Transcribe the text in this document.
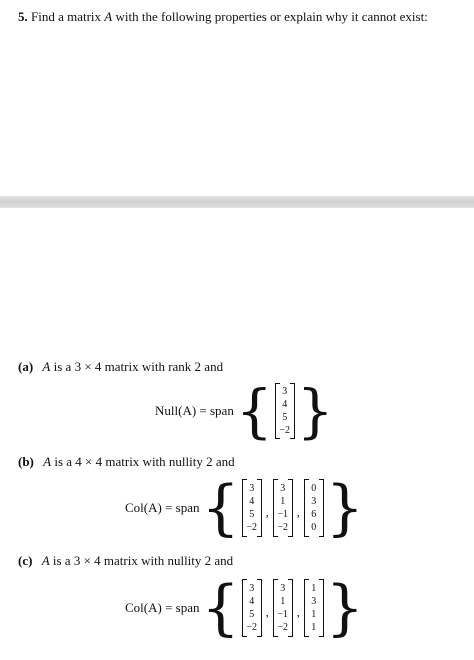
5. Find a matrix A with the following properties or explain why it cannot exist:
(a) A is a 3 × 4 matrix with rank 2 and
Null(A) = span { 3
4
5
−2 }
(b) A is a 4 × 4 matrix with nullity 2 and
Col(A) = span { 3
4
5
−2
,
3
1
−1
−2
,
0
3
6
0 }
(c) A is a 3 × 4 matrix with nullity 2 and
Col(A) = span { 3
4
5
−2
,
3
1
−1
−2
,
1
3
1
1 }
